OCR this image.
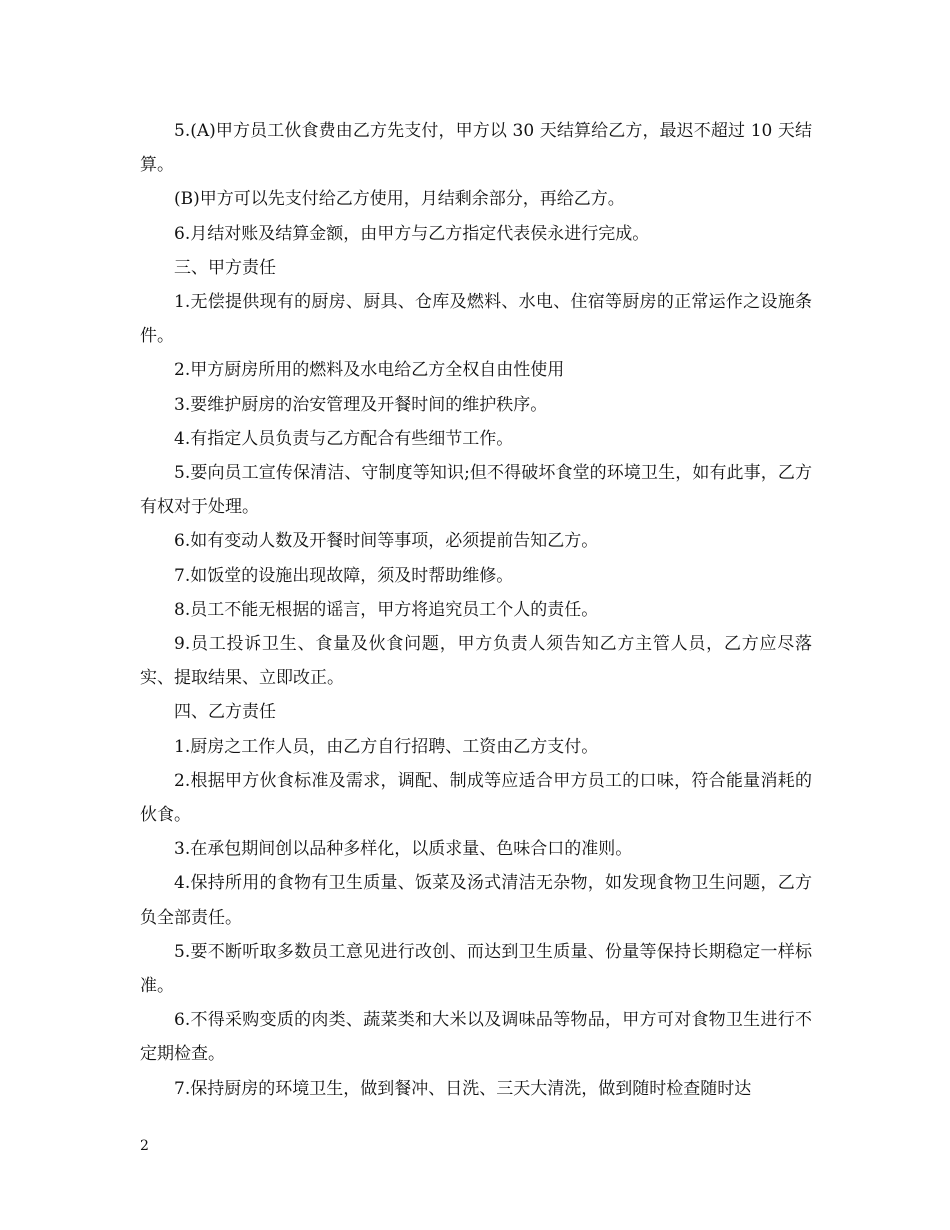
5.(A)甲方员工伙食费由乙方先支付，甲方以 30 天结算给乙方，最迟不超过 10 天结算。

(B)甲方可以先支付给乙方使用，月结剩余部分，再给乙方。

6.月结对账及结算金额，由甲方与乙方指定代表侯永进行完成。

三、甲方责任

1.无偿提供现有的厨房、厨具、仓库及燃料、水电、住宿等厨房的正常运作之设施条件。

2.甲方厨房所用的燃料及水电给乙方全权自由性使用

3.要维护厨房的治安管理及开餐时间的维护秩序。

4.有指定人员负责与乙方配合有些细节工作。

5.要向员工宣传保清洁、守制度等知识;但不得破坏食堂的环境卫生，如有此事，乙方有权对于处理。

6.如有变动人数及开餐时间等事项，必须提前告知乙方。

7.如饭堂的设施出现故障，须及时帮助维修。

8.员工不能无根据的谣言，甲方将追究员工个人的责任。

9.员工投诉卫生、食量及伙食问题，甲方负责人须告知乙方主管人员，乙方应尽落实、提取结果、立即改正。

四、乙方责任

1.厨房之工作人员，由乙方自行招聘、工资由乙方支付。

2.根据甲方伙食标准及需求，调配、制成等应适合甲方员工的口味，符合能量消耗的伙食。

3.在承包期间创以品种多样化，以质求量、色味合口的准则。

4.保持所用的食物有卫生质量、饭菜及汤式清洁无杂物，如发现食物卫生问题，乙方负全部责任。

5.要不断听取多数员工意见进行改创、而达到卫生质量、份量等保持长期稳定一样标准。

6.不得采购变质的肉类、蔬菜类和大米以及调味品等物品，甲方可对食物卫生进行不定期检查。

7.保持厨房的环境卫生，做到餐冲、日洗、三天大清洗，做到随时检查随时达

2
